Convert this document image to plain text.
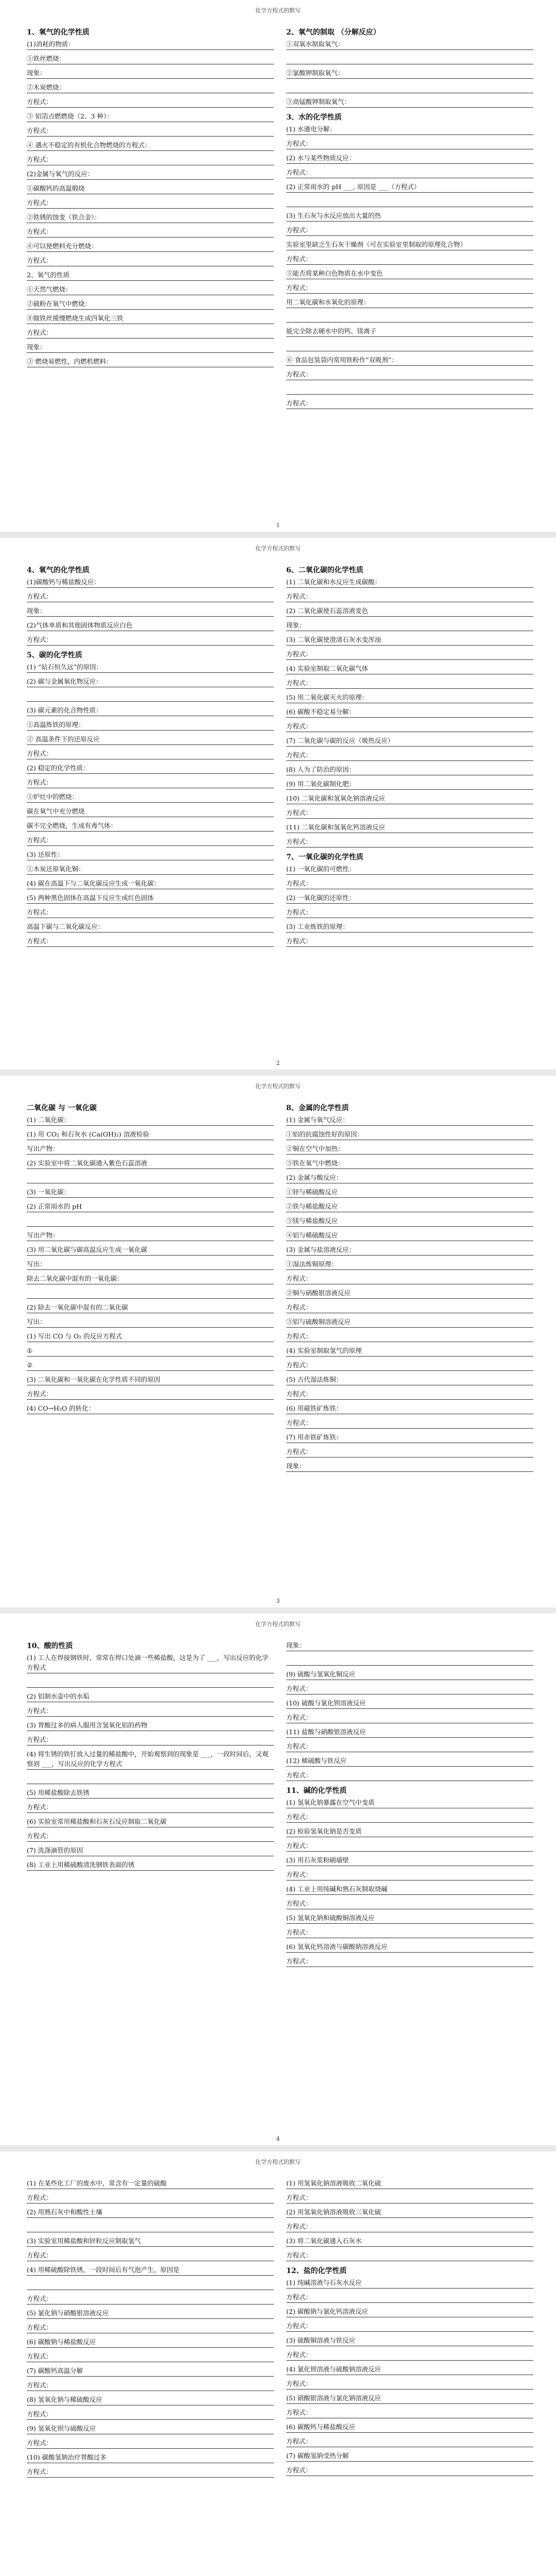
化学方程式的默写
1、氧气的化学性质
(1)消耗的物质：
①铁丝燃烧：
现象：
②木炭燃烧：
方程式：
③ 铝箔点燃燃烧（2、3 种）：
方程式：
④ 遇火不稳定的有机化合物燃烧的方程式：
方程式：
(2)金属与氧气的反应：
①碳酸钙的高温煅烧
方程式：
②铁锈的蚀变（铁合金）：
方程式：
⑥可以使燃料充分燃烧：
方程式：
2、氧气的性质
①天然气燃烧：
②硫粉在氧气中燃烧：
⑧做铁丝缓慢燃烧生成四氧化三铁
方程式：
现象：
③ 燃烧易燃性，内燃机燃料：
2、氧气的制取 （分解反应）
①双氧水制取氧气：
②氯酸钾制取氧气：
③高锰酸钾制取氧气：
3、水的化学性质
(1) 水通电分解：
方程式：
(2) 水与某些物质反应：
方程式：
(2) 正常雨水的 pH ___, 原因是 ___（方程式）
(3) 生石灰与水反应放出大量的热
方程式：
实验室里缺乏生石灰干燥剂（可在实验室里制取的原理化合物）
方程式：
⑤能否将某种白色物质在水中变色
方程式：
用二氧化碳和水氧化的原理：
能完全除去硬水中的钙、镁离子
⑥ 食品包装袋内常用铁粉作“双吸剂”：
方程式：
方程式：
1
化学方程式的默写
4、氧气的化学性质
(1)碳酸钙与稀盐酸反应：
方程式：
现象：
(2)气体单质和其他固体物质反应白色
方程式：
5、碳的化学性质
(1) “钻石恒久远”的原因：
(2) 碳与金属氧化物反应：
(3) 碳元素的化合物性质：
①高温炼铁的原理：
② 高温条件下的还原反应
方程式：
(2) 稳定的化学性质：
方程式：
①炉灶中的燃烧：
碳在氧气中充分燃烧
碳不完全燃烧，生成有毒气体：
方程式：
(3) 还原性：
①木炭还原氧化铜：
(4) 碳在高温下与二氧化碳反应生成一氧化碳：
(5) 两种黑色固体在高温下反应生成红色固体
方程式：
高温下碳与二氧化碳反应：
方程式：
6、二氧化碳的化学性质
(1) 二氧化碳和水反应生成碳酸：
方程式：
(2) 二氧化碳使石蕊溶液变色
现象：
(3) 二氧化碳使澄清石灰水变浑浊
方程式：
(4) 实验室制取二氧化碳气体
方程式：
(5) 用二氧化碳灭火的原理：
(6) 碳酸不稳定易分解：
方程式：
(7) 二氧化碳与碳的反应（吸热反应）
方程式：
(8) 人为了防治的原因：
(9) 用二氧化碳制化肥：
(10) 二氧化碳和氢氧化钠溶液反应
方程式：
(11) 二氧化碳和氢氧化钙溶液反应
方程式：
7、一氧化碳的化学性质
(1) 一氧化碳的可燃性：
方程式：
(2) 一氧化碳的还原性：
方程式：
(3) 工业炼铁的原理：
方程式：
2
化学方程式的默写
二氧化碳 与 一氧化碳
(1) 二氧化碳：
(1) 用 CO₂ 和石灰水 (Ca(OH)₂) 溶液检验
写出产物：
(2) 实验室中将二氧化碳通入紫色石蕊溶液
(3) 一氧化碳：
(2) 正常雨水的 pH
写出产物：
(3) 用二氧化碳与碳高温反应生成一氧化碳
写出：
除去二氧化碳中混有的一氧化碳：
(2) 除去一氧化碳中混有的二氧化碳
写出：
(1) 写出 CO 与 O₂ 的反应方程式
①
②
(3) 二氧化碳和一氧化碳在化学性质不同的原因
方程式：
(4) CO→H₂O 的转化：
8、金属的化学性质
(1) 金属与氧气反应：
①铝的抗腐蚀性好的原因：
②铜在空气中加热：
③铁在氧气中燃烧：
(2) 金属与酸反应：
①锌与稀硫酸反应
②铁与稀盐酸反应
③镁与稀盐酸反应
④铝与稀硫酸反应
(3) 金属与盐溶液反应：
①湿法炼铜原理：
方程式：
②铜与硝酸银溶液反应
方程式：
③铝与硫酸铜溶液反应
方程式：
(4) 实验室制取氢气的原理
方程式：
(5) 古代湿法炼铜：
方程式：
(6) 用磁铁矿炼铁：
方程式：
(7) 用赤铁矿炼铁：
方程式：
现象：
3
化学方程式的默写
10、酸的性质
(1) 工人在焊接钢铁时，常常在焊口处滴一些稀盐酸，这是为了 ___，写出反应的化学方程式
(2) 铝制水壶中的水垢
方程式：
(3) 胃酸过多的病人服用含氢氧化铝的药物
方程式：
(4) 将生锈的铁钉放入过量的稀盐酸中，开始观察到的现象是 ___，一段时间后，又观察到 ___，写出反应的化学方程式
(5) 用稀盐酸除去铁锈
方程式：
(6) 实验室常用稀盐酸和石灰石反应制取二氧化碳
方程式：
(7) 洗涤滴管的原因
(8) 工业上用稀硫酸清洗钢铁表面的锈
现象：
(9) 硫酸与氢氧化铜反应
方程式：
(10) 硫酸与氯化钡溶液反应
方程式：
(11) 盐酸与硝酸银溶液反应
方程式：
(12) 稀硫酸与铁反应
方程式：
11、碱的化学性质
(1) 氢氧化钠暴露在空气中变质
方程式：
(2) 检验氢氧化钠是否变质
方程式：
(3) 用石灰浆粉刷墙壁
方程式：
(4) 工业上用纯碱和熟石灰制取烧碱
方程式：
(5) 氢氧化钠和硫酸铜溶液反应
方程式：
(6) 氢氧化钙溶液与碳酸钠溶液反应
方程式：
4
化学方程式的默写
(1) 在某些化工厂的废水中，常含有一定量的硫酸
方程式：
(2) 用熟石灰中和酸性土壤
(3) 实验室用稀盐酸和锌粒反应制取氢气
方程式：
(4) 用稀硫酸除铁锈，一段时间后有气泡产生，原因是
方程式：
(5) 氯化钠与硝酸银溶液反应
方程式：
(6) 碳酸钠与稀盐酸反应
方程式：
(7) 碳酸钙高温分解
方程式：
(8) 氢氧化钠与稀硫酸反应
方程式：
(9) 氢氧化钡与硫酸反应
方程式：
(10) 碳酸氢钠治疗胃酸过多
方程式：
(1) 用氢氧化钠溶液吸收二氧化硫
方程式：
(2) 用氢氧化钠溶液吸收三氧化硫
方程式：
(3) 将二氧化碳通入石灰水
方程式：
12、盐的化学性质
(1) 纯碱溶液与石灰水反应
方程式：
(2) 碳酸钠与氯化钙溶液反应
方程式：
(3) 硫酸铜溶液与铁反应
方程式：
(4) 氯化钡溶液与硫酸钠溶液反应
方程式：
(5) 硝酸银溶液与氯化钠溶液反应
方程式：
(6) 碳酸钙与稀盐酸反应
方程式：
(7) 碳酸氢钠受热分解
方程式：
